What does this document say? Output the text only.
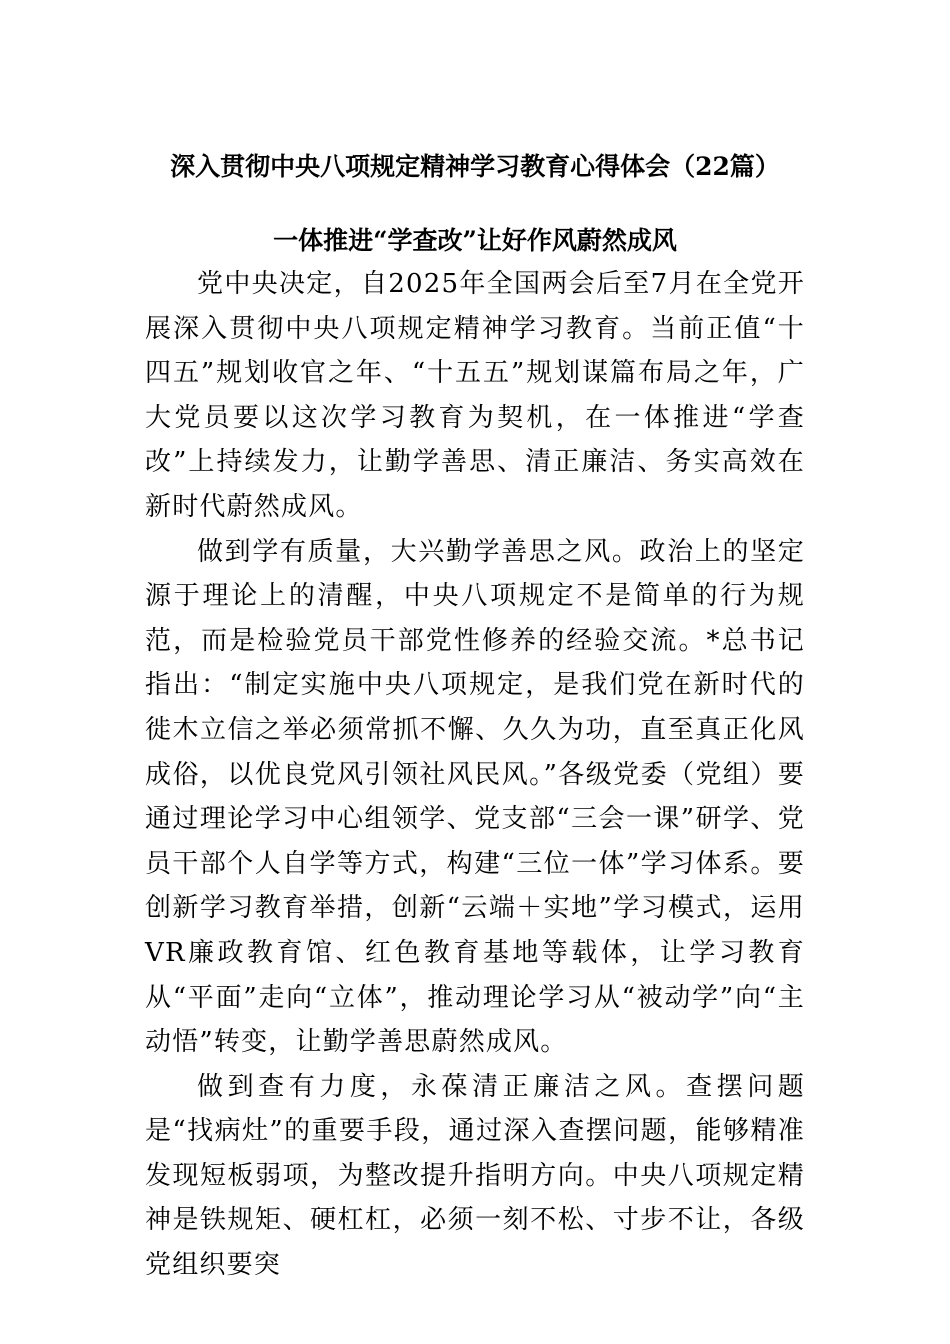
深入贯彻中央八项规定精神学习教育心得体会（22篇）
一体推进“学查改”让好作风蔚然成风

党中央决定，自2025年全国两会后至7月在全党开展深入贯彻中央八项规定精神学习教育。当前正值“十四五”规划收官之年、“十五五”规划谋篇布局之年，广大党员要以这次学习教育为契机，在一体推进“学查改”上持续发力，让勤学善思、清正廉洁、务实高效在新时代蔚然成风。

做到学有质量，大兴勤学善思之风。政治上的坚定源于理论上的清醒，中央八项规定不是简单的行为规范，而是检验党员干部党性修养的经验交流。*总书记指出：“制定实施中央八项规定，是我们党在新时代的徙木立信之举必须常抓不懈、久久为功，直至真正化风成俗，以优良党风引领社风民风。”各级党委（党组）要通过理论学习中心组领学、党支部“三会一课”研学、党员干部个人自学等方式，构建“三位一体”学习体系。要创新学习教育举措，创新“云端＋实地”学习模式，运用VR廉政教育馆、红色教育基地等载体，让学习教育从“平面”走向“立体”，推动理论学习从“被动学”向“主动悟”转变，让勤学善思蔚然成风。

做到查有力度，永葆清正廉洁之风。查摆问题是“找病灶”的重要手段，通过深入查摆问题，能够精准发现短板弱项，为整改提升指明方向。中央八项规定精神是铁规矩、硬杠杠，必须一刻不松、寸步不让，各级党组织要突
